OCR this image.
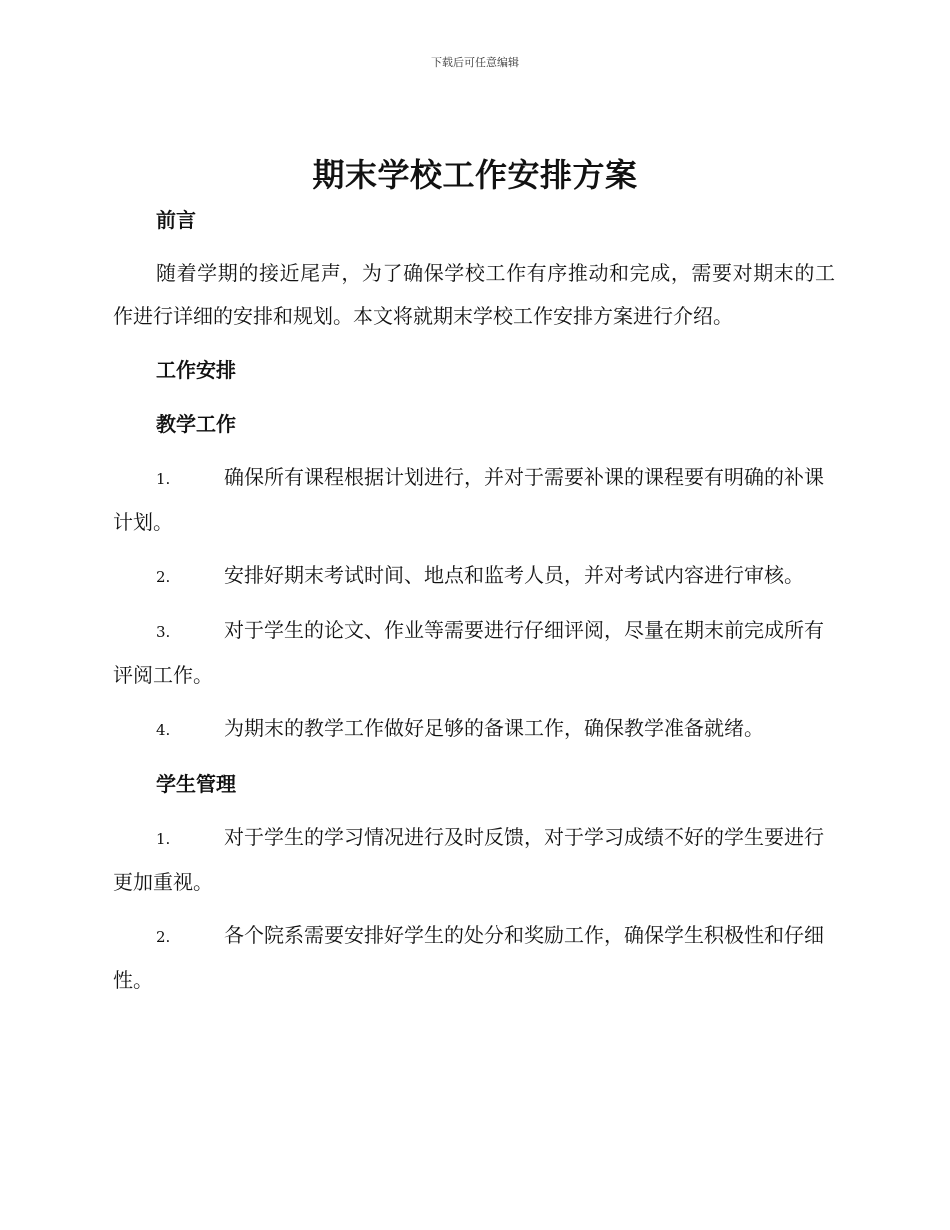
下载后可任意编辑
期末学校工作安排方案

前言

随着学期的接近尾声，为了确保学校工作有序推动和完成，需要对期末的工作进行详细的安排和规划。本文将就期末学校工作安排方案进行介绍。

工作安排

教学工作

1.	确保所有课程根据计划进行，并对于需要补课的课程要有明确的补课计划。

2.	安排好期末考试时间、地点和监考人员，并对考试内容进行审核。

3.	对于学生的论文、作业等需要进行仔细评阅，尽量在期末前完成所有评阅工作。

4.	为期末的教学工作做好足够的备课工作，确保教学准备就绪。

学生管理

1.	对于学生的学习情况进行及时反馈，对于学习成绩不好的学生要进行更加重视。

2.	各个院系需要安排好学生的处分和奖励工作，确保学生积极性和仔细性。
